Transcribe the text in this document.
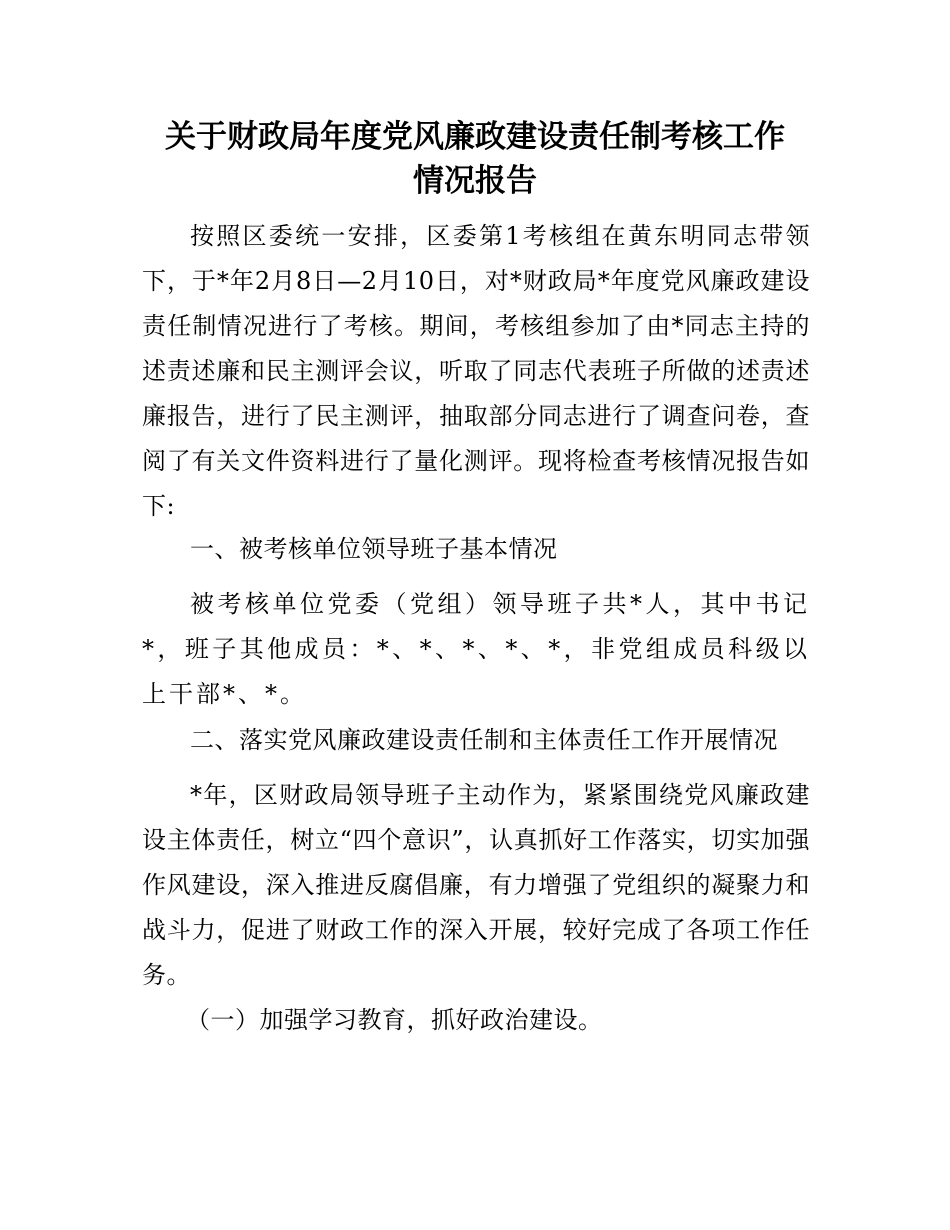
关于财政局年度党风廉政建设责任制考核工作
情况报告

按照区委统一安排，区委第1考核组在黄东明同志带领下，于*年2月8日—2月10日，对*财政局*年度党风廉政建设责任制情况进行了考核。期间，考核组参加了由*同志主持的述责述廉和民主测评会议，听取了同志代表班子所做的述责述廉报告，进行了民主测评，抽取部分同志进行了调查问卷，查阅了有关文件资料进行了量化测评。现将检查考核情况报告如下:

一、被考核单位领导班子基本情况

被考核单位党委（党组）领导班子共*人，其中书记*，班子其他成员：*、*、*、*、*，非党组成员科级以上干部*、*。

二、落实党风廉政建设责任制和主体责任工作开展情况

*年，区财政局领导班子主动作为，紧紧围绕党风廉政建设主体责任，树立“四个意识”，认真抓好工作落实，切实加强作风建设，深入推进反腐倡廉，有力增强了党组织的凝聚力和战斗力，促进了财政工作的深入开展，较好完成了各项工作任务。

（一）加强学习教育，抓好政治建设。
